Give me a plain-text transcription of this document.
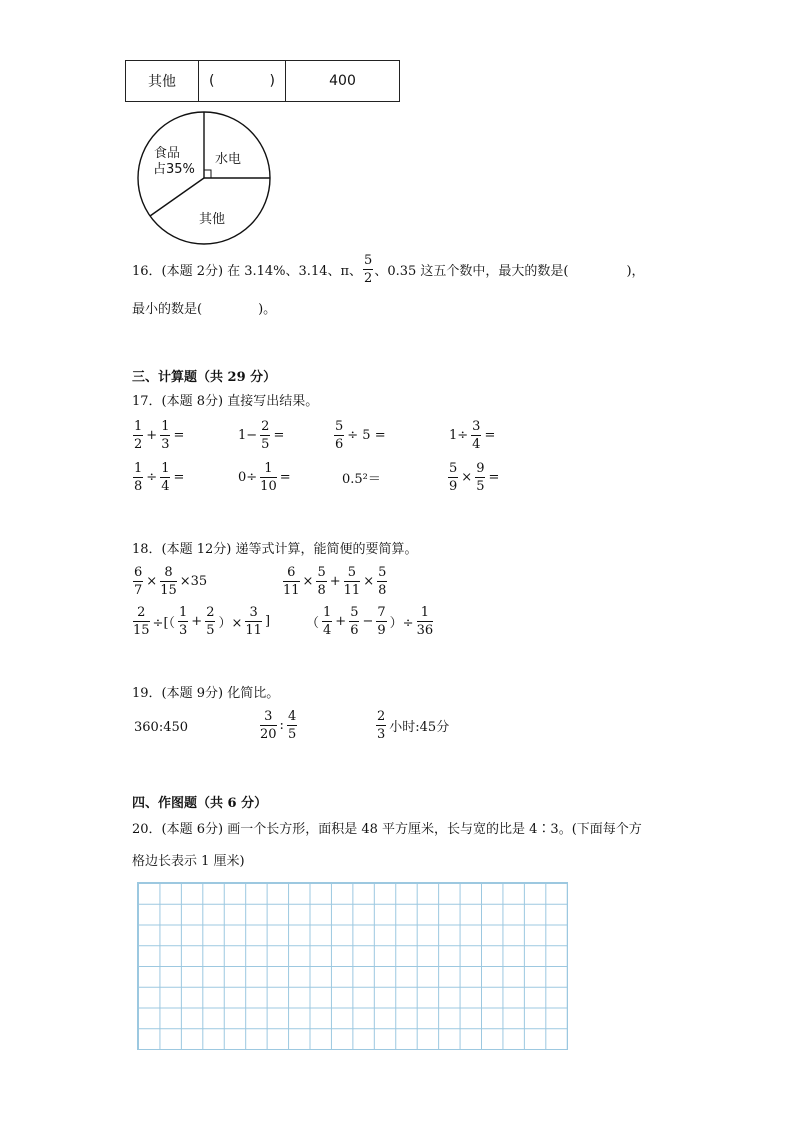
其他	(	)	400
食品
占35%
水电
其他
16． (本题 2分) 在 3.14%、3.14、π、 $\frac{5}{2}$ 、0.35 这五个数中，最大的数是(	)，
最小的数是(	)。
三、计算题（共 29 分）
17．(本题 8分) 直接写出结果。
$\frac{1}{2} + \frac{1}{3}$ =	$1- \frac{2}{5}$ =	$\frac{5}{6} \div 5$ =	$1\div \frac{3}{4}$ =
$\frac{1}{8} \div \frac{1}{4}$ =	$0\div \frac{1}{10}$ =	0.5²＝	$\frac{5}{9} \times \frac{9}{5}$ =
18．(本题 12分) 递等式计算，能简便的要简算。
$\frac{6}{7} \times \frac{8}{15} \times 35$	$\frac{6}{11} \times \frac{5}{8} + \frac{5}{11} \times \frac{5}{8}$
$\frac{2}{15}$ ÷[（ $\frac{1}{3} + \frac{2}{5}$ ）× $\frac{3}{11}$ ]	（ $\frac{1}{4} + \frac{5}{6} - \frac{7}{9}$ ）÷ $\frac{1}{36}$
19．(本题 9分) 化简比。
360:450	$\frac{3}{20}$ : $\frac{4}{5}$	$\frac{2}{3}$ 小时:45分
四、作图题（共 6 分）
20．(本题 6分) 画一个长方形，面积是 48 平方厘米，长与宽的比是 4∶3。(下面每个方
格边长表示 1 厘米)
